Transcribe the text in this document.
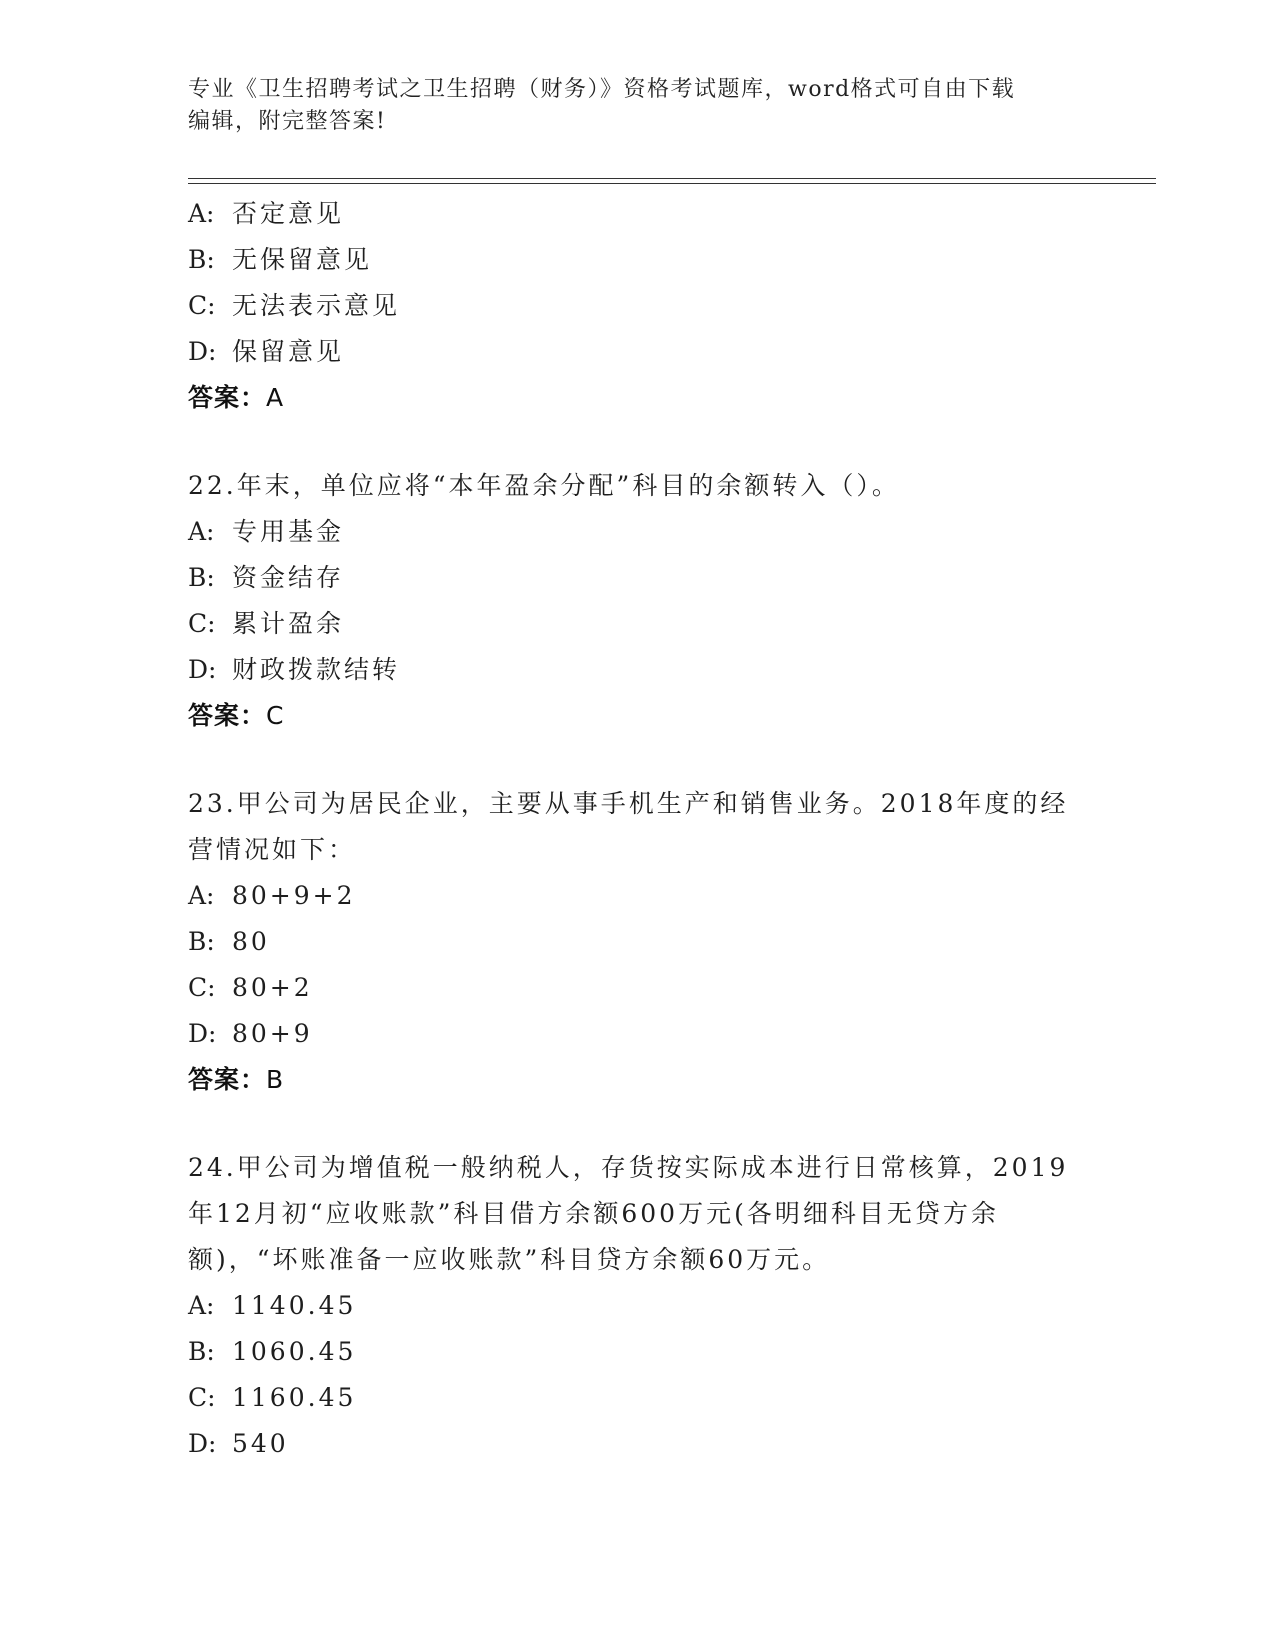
专业《卫生招聘考试之卫生招聘（财务）》资格考试题库，word格式可自由下载
编辑，附完整答案!
A: 否定意见
B: 无保留意见
C: 无法表示意见
D: 保留意见
答案：A
22.年末，单位应将“本年盈余分配”科目的余额转入（）。
A: 专用基金
B: 资金结存
C: 累计盈余
D: 财政拨款结转
答案：C
23.甲公司为居民企业，主要从事手机生产和销售业务。2018年度的经营情况如下：
A: 80+9+2
B: 80
C: 80+2
D: 80+9
答案：B
24.甲公司为增值税一般纳税人，存货按实际成本进行日常核算，2019年12月初“应收账款”科目借方余额600万元(各明细科目无贷方余额)，“坏账准备一应收账款”科目贷方余额60万元。
A: 1140.45
B: 1060.45
C: 1160.45
D: 540
